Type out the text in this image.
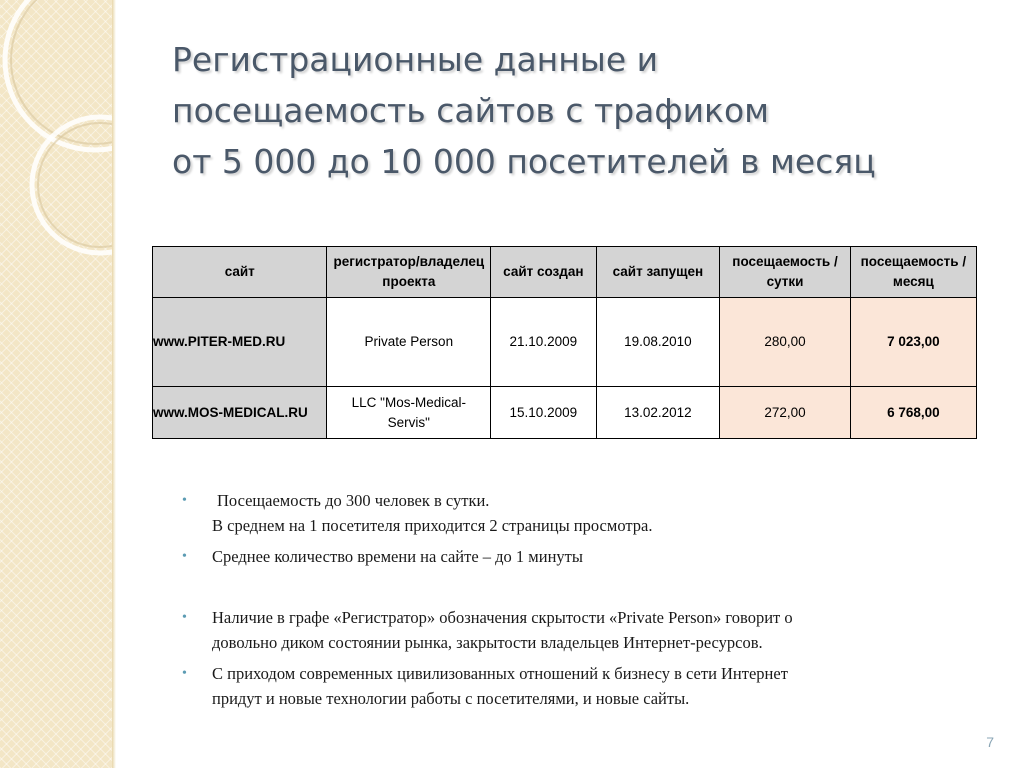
Регистрационные данные и
посещаемость сайтов с трафиком
от 5 000 до 10 000 посетителей в месяц
сайт	регистратор/владелец проекта	сайт создан	сайт запущен	посещаемость / сутки	посещаемость / месяц
www.PITER-MED.RU	Private Person	21.10.2009	19.08.2010	280,00	7 023,00
www.MOS-MEDICAL.RU	LLC "Mos-Medical-Servis"	15.10.2009	13.02.2012	272,00	6 768,00
•	Посещаемость до 300 человек в сутки.
В среднем на 1 посетителя приходится 2 страницы просмотра.
• Среднее количество времени на сайте – до 1 минуты
• Наличие в графе «Регистратор» обозначения скрытости «Private Person» говорит о
довольно диком состоянии рынка, закрытости владельцев Интернет-ресурсов.
• С приходом современных цивилизованных отношений к бизнесу в сети Интернет
придут и новые технологии работы с посетителями, и новые сайты.
7
